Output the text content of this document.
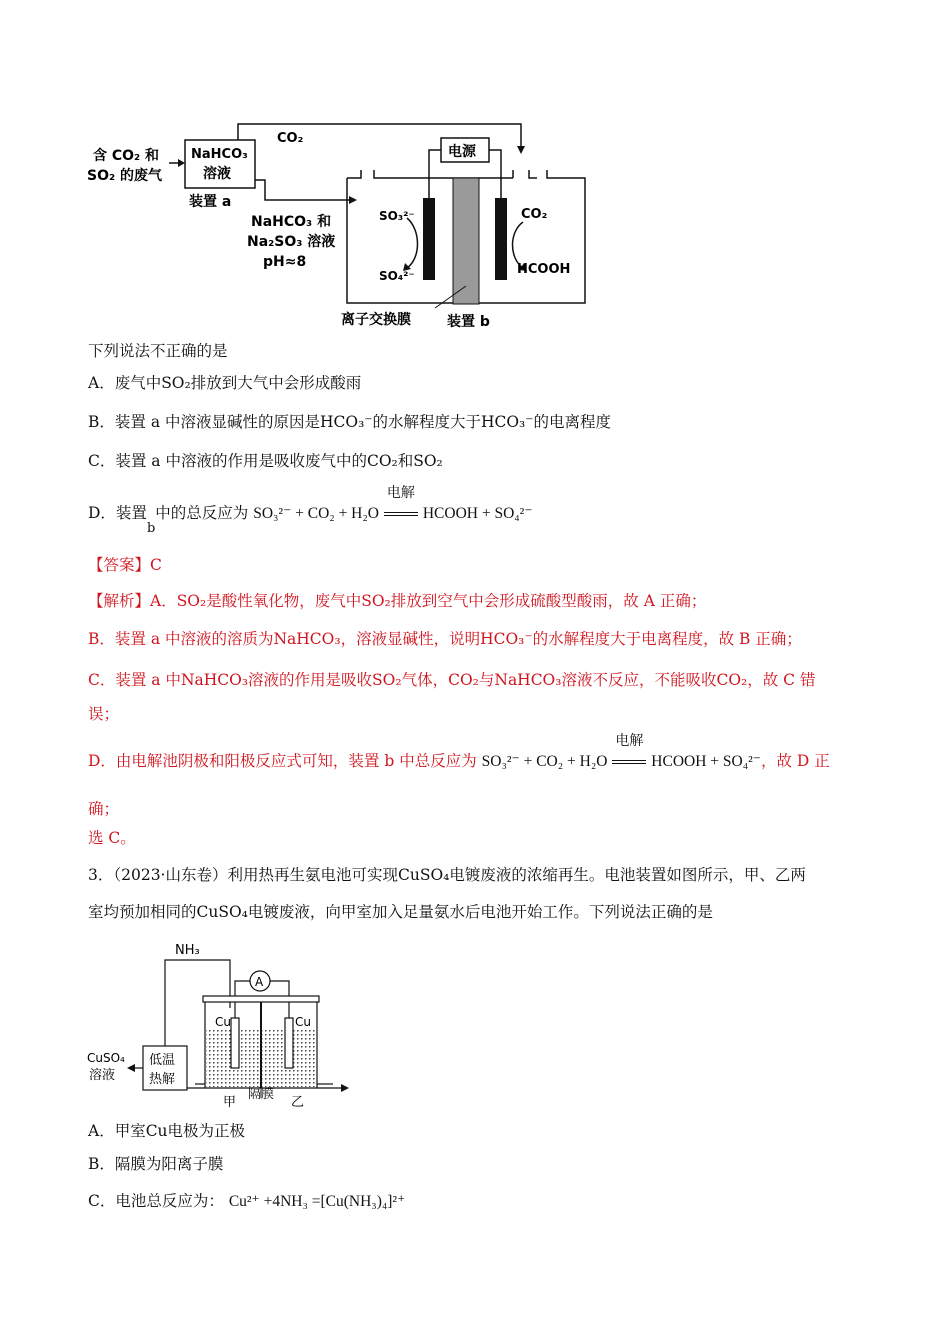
含 CO₂ 和
SO₂ 的废气
NaHCO₃
溶液
装置 a
CO₂
NaHCO₃ 和
Na₂SO₃ 溶液
pH≈8
电源
SO₃²⁻
SO₄²⁻
CO₂
HCOOH
离子交换膜	装置 b
下列说法不正确的是
A．废气中SO₂排放到大气中会形成酸雨
B．装置 a 中溶液显碱性的原因是HCO₃⁻的水解程度大于HCO₃⁻的电离程度
C．装置 a 中溶液的作用是吸收废气中的CO₂和SO₂
D．装置$_b$中的总反应为 SO₃²⁻ + CO₂ + H₂O
电解
HCOOH + SO₄²⁻
【答案】C
【解析】A．SO₂是酸性氧化物，废气中SO₂排放到空气中会形成硫酸型酸雨，故 A 正确；
B．装置 a 中溶液的溶质为NaHCO₃，溶液显碱性，说明HCO₃⁻的水解程度大于电离程度，故 B 正确；
C．装置 a 中NaHCO₃溶液的作用是吸收SO₂气体，CO₂与NaHCO₃溶液不反应，不能吸收CO₂，故 C 错
误；
D．由电解池阴极和阳极反应式可知，装置 b 中总反应为 SO₃²⁻ + CO₂ + H₂O
电解
HCOOH + SO₄²⁻，故 D 正
确；
选 C。
3．（2023·山东卷）利用热再生氨电池可实现CuSO₄电镀废液的浓缩再生。电池装置如图所示，甲、乙两
室均预加相同的CuSO₄电镀废液，向甲室加入足量氨水后电池开始工作。下列说法正确的是
NH₃
A
Cu	Cu
低温
热解
CuSO₄
溶液
甲	乙
隔膜
A．甲室Cu电极为正极
B．隔膜为阳离子膜
C．电池总反应为： Cu²⁺ +4NH₃ =[Cu(NH₃)₄]²⁺
